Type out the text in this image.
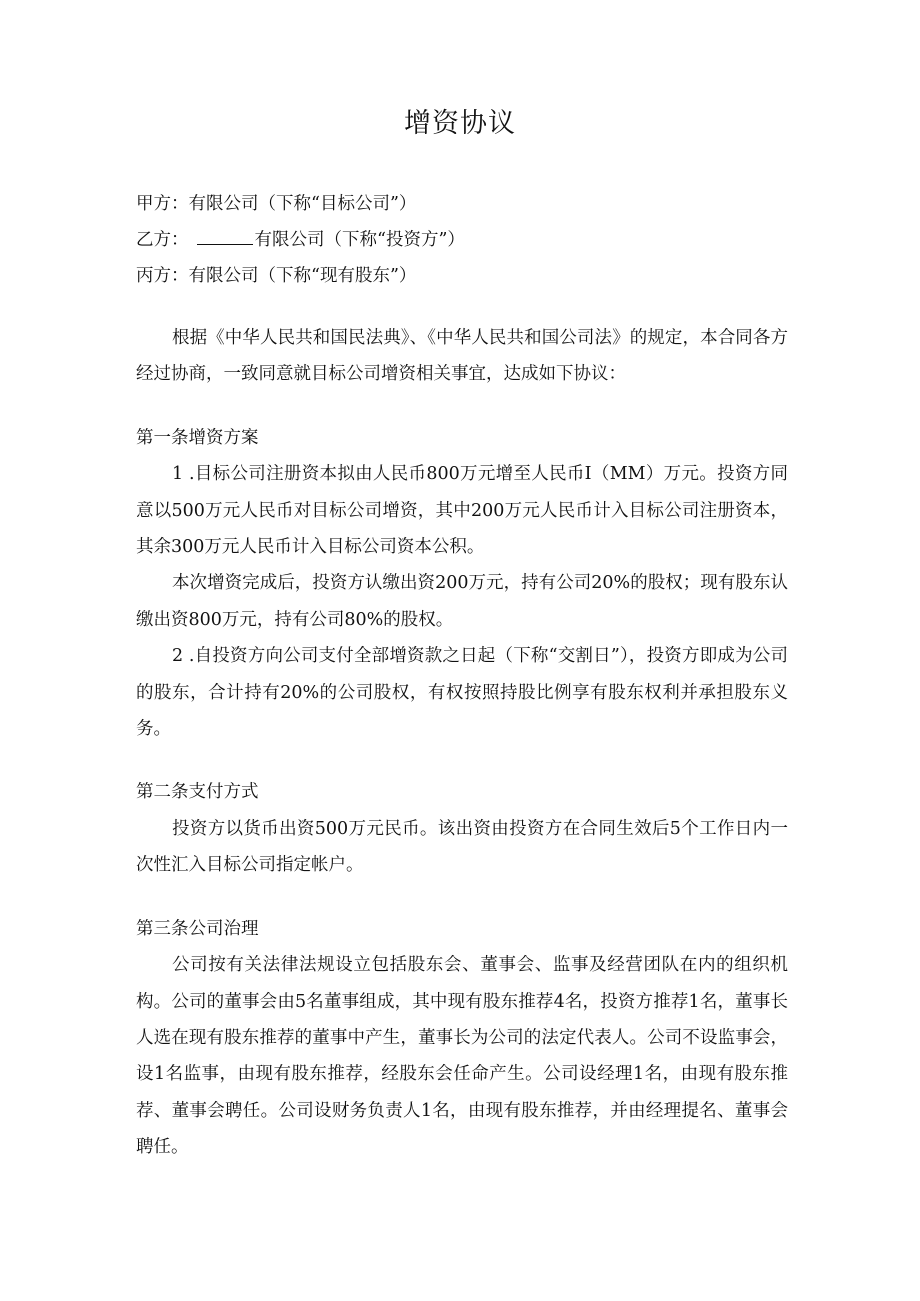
增资协议
甲方：有限公司（下称“目标公司”）
乙方：	有限公司（下称“投资方”）
丙方：有限公司（下称“现有股东”）

根据《中华人民共和国民法典》、《中华人民共和国公司法》的规定，本合同各方经过协商，一致同意就目标公司增资相关事宜，达成如下协议：

第一条增资方案

1 .目标公司注册资本拟由人民币800万元增至人民币I（MM）万元。投资方同意以500万元人民币对目标公司增资，其中200万元人民币计入目标公司注册资本，其余300万元人民币计入目标公司资本公积。

本次增资完成后，投资方认缴出资200万元，持有公司20%的股权；现有股东认缴出资800万元，持有公司80%的股权。

2 .自投资方向公司支付全部增资款之日起（下称“交割日”），投资方即成为公司的股东，合计持有20%的公司股权，有权按照持股比例享有股东权利并承担股东义务。

第二条支付方式

投资方以货币出资500万元民币。该出资由投资方在合同生效后5个工作日内一次性汇入目标公司指定帐户。

第三条公司治理

公司按有关法律法规设立包括股东会、董事会、监事及经营团队在内的组织机构。公司的董事会由5名董事组成，其中现有股东推荐4名，投资方推荐1名，董事长人选在现有股东推荐的董事中产生，董事长为公司的法定代表人。公司不设监事会，设1名监事，由现有股东推荐，经股东会任命产生。公司设经理1名，由现有股东推荐、董事会聘任。公司设财务负责人1名，由现有股东推荐，并由经理提名、董事会聘任。
